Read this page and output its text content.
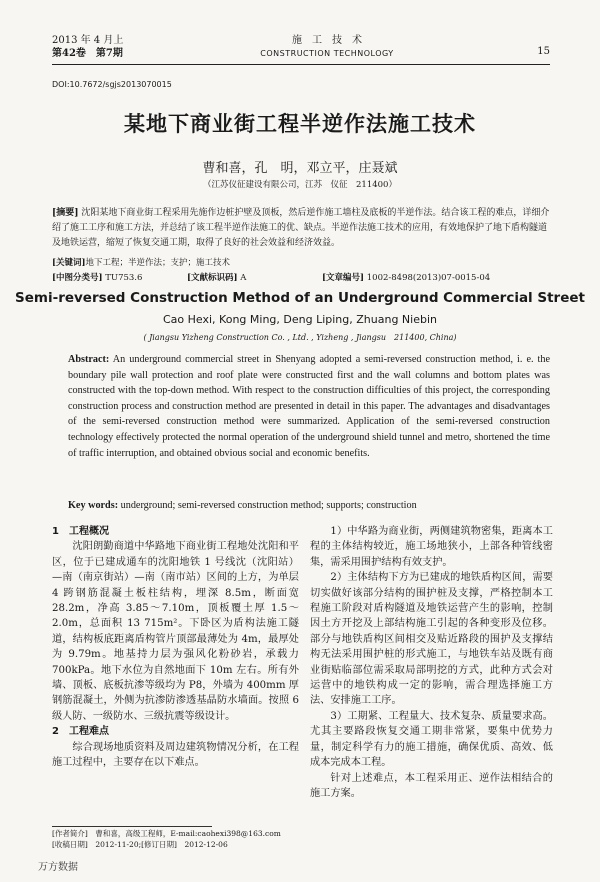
2013 年 4 月上
第42卷　第7期
施　工　技　术
CONSTRUCTION TECHNOLOGY	15
DOI:10.7672/sgjs2013070015
某地下商业街工程半逆作法施工技术
曹和喜，孔　明，邓立平，庄聂斌
（江苏仪征建设有限公司，江苏　仪征　211400）
[摘要] 沈阳某地下商业街工程采用先施作边桩护壁及顶板，然后逆作施工墙柱及底板的半逆作法。结合该工程的难点，详细介绍了施工工序和施工方法，并总结了该工程半逆作法施工的优、缺点。半逆作法施工技术的应用，有效地保护了地下盾构隧道及地铁运营，缩短了恢复交通工期，取得了良好的社会效益和经济效益。
[关键词]地下工程；半逆作法；支护；施工技术
[中图分类号] TU753.6	[文献标识码] A	[文章编号] 1002-8498(2013)07-0015-04
Semi-reversed Construction Method of an Underground Commercial Street
Cao Hexi, Kong Ming, Deng Liping, Zhuang Niebin
( Jiangsu Yizheng Construction Co. , Ltd. , Yizheng , Jiangsu　211400, China)
Abstract: An underground commercial street in Shenyang adopted a semi-reversed construction method, i. e. the boundary pile wall protection and roof plate were constructed first and the wall columns and bottom plates was constructed with the top-down method. With respect to the construction difficulties of this project, the corresponding construction process and construction method are presented in detail in this paper. The advantages and disadvantages of the semi-reversed construction method were summarized. Application of the semi-reversed construction technology effectively protected the normal operation of the underground shield tunnel and metro, shortened the time of traffic interruption, and obtained obvious social and economic benefits.
Key words: underground; semi-reversed construction method; supports; construction

1　工程概况

沈阳朗勤商道中华路地下商业街工程地处沈阳和平区，位于已建成通车的沈阳地铁 1 号线沈（沈阳站）—南（南京街站）—南（南市站）区间的上方，为单层 4 跨钢筋混凝土板柱结构，埋深 8.5m，断面宽 28.2m，净高 3.85～7.10m，顶板覆土厚 1.5～2.0m，总面积 13 715m²。下卧区为盾构法施工隧道，结构板底距离盾构管片顶部最薄处为 4m，最厚处为 9.79m。地基持力层为强风化粉砂岩，承载力 700kPa。地下水位为自然地面下 10m 左右。所有外墙、顶板、底板抗渗等级均为 P8，外墙为 400mm 厚钢筋混凝土，外侧为抗渗防渗透基晶防水墙面。按照 6 级人防、一级防水、三级抗震等级设计。

2　工程难点

综合现场地质资料及周边建筑物情况分析，在工程施工过程中，主要存在以下难点。

1）中华路为商业街，两侧建筑物密集，距离本工程的主体结构较近，施工场地狭小，上部各种管线密集，需采用围护结构有效支护。

2）主体结构下方为已建成的地铁盾构区间，需要切实做好该部分结构的围护桩及支撑，严格控制本工程施工阶段对盾构隧道及地铁运营产生的影响，控制因土方开挖及上部结构施工引起的各种变形及位移。部分与地铁盾构区间相交及贴近路段的围护及支撑结构无法采用围护桩的形式施工，与地铁车站及既有商业街贴临部位需采取局部明挖的方式，此种方式会对运营中的地铁构成一定的影响，需合理选择施工方法、安排施工工序。

3）工期紧、工程量大、技术复杂、质量要求高。尤其主要路段恢复交通工期非常紧，要集中优势力量，制定科学有力的施工措施，确保优质、高效、低成本完成本工程。

针对上述难点，本工程采用正、逆作法相结合的施工方案。

[作者简介]　曹和喜，高级工程师，E-mail:caohexi398@163.com
[收稿日期]　2012-11-20;[修订日期]　2012-12-06
万方数据
